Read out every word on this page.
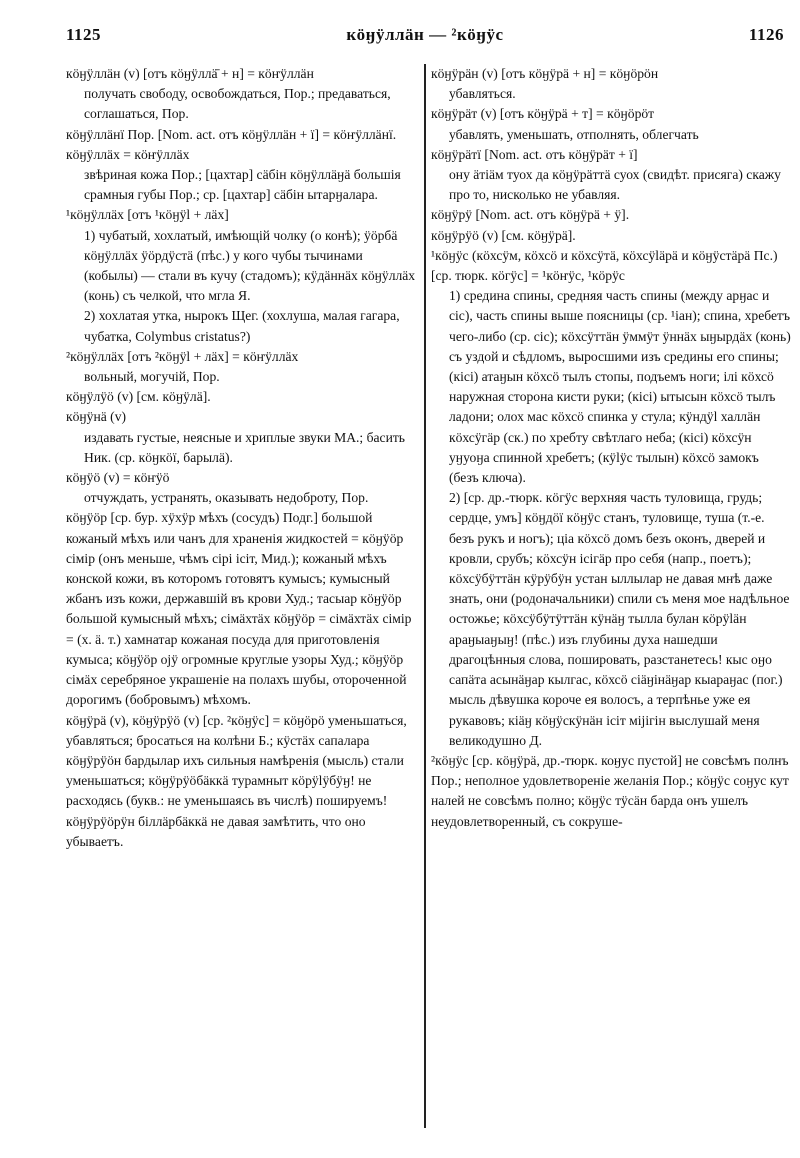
1125	кӧӈӱллӓн — ²кӧӈӱс	1126

кӧӈӱллӓн (v) [отъ кӧӈӱллӓ̄ + н] = кӧҥӱллӓн

получать свободу, освобождаться, Пор.; предаваться, соглашаться, Пор.

кӧӈӱллӓнї Пор. [Nom. act. отъ кӧӈӱллӓн + ї] = кӧҥӱллӓнї.

кӧӈӱллӓх = кӧҥӱллӓх

звѣриная кожа Пор.; [цахтар] сӓбiн кӧӈӱллӓӈӓ большія срамныя губы Пор.; ср. [цахтар] сӓбiн ытарӈалара.

¹кӧӈӱллӓх [отъ ¹кӧӈӱl + лӓх]

1) чубатый, хохлатый, имѣющій чолку (о конѣ); ӱӧрбӓ кӧӈӱллӓх ӱӧрдӱстӓ (пѣс.) у кого чубы тычинами (кобылы) — стали въ кучу (стадомъ); кӱдӓннӓх кӧӈӱллӓх (конь) съ челкой, что мгла Я.

2) хохлатая утка, нырокъ Щег. (хохлуша, малая гагара, чубатка, Colymbus cristatus?)

²кӧӈӱллӓх [отъ ²кӧӈӱl + лӓх] = кӧҥӱллӓх

вольный, могучій, Пор.

кӧӈӱлӱӧ (v) [см. кӧӈӱлӓ].

кӧӈӱнӓ (v)

издавать густые, неясные и хриплые звуки МА.; басить Ник. (ср. кӧӈкӧї, барылӓ).

кӧӈӱӧ (v) = кӧҥӱӧ

отчуждать, устранять, оказывать недоброту, Пор.

кӧӈӱӧр [ср. бур. хӱхӱр мѣхъ (сосудъ) Подг.] большой кожаный мѣхъ или чанъ для храненія жидкостей = кӧӈӱӧр сiмiр (онъ меньше, чѣмъ сiрi iсiт, Мид.); кожаный мѣхъ конской кожи, въ которомъ готовятъ кумысъ; кумысный жбанъ изъ кожи, державшій въ крови Худ.; тасыар кӧӈӱӧр большой кумысный мѣхъ; сiмӓхтӓх кӧӈӱӧр = сiмӓхтӓх сiмiр = (x. ӓ. т.) хамнатар кожаная посуда для приготовленія кумыса; кӧӈӱӧр ојӱ огромные круглые узоры Худ.; кӧӈӱӧр сiмӓх серебряное украшеніе на полахъ шубы, отороченной дорогимъ (бобровымъ) мѣхомъ.

кӧӈӱрӓ (v), кӧӈӱрӱӧ (v) [ср. ²кӧӈӱс] = кӧӈӧрӧ уменьшаться, убавляться; бросаться на колѣни Б.; кӱстӓх сапалара кӧӈӱрӱӧн бардылар ихъ сильныя намѣренія (мысль) стали уменьшаться; кӧӈӱрӱӧбӓккӓ турамныт кӧрӱlӱбӱӈ! не расходясь (букв.: не уменьшаясь въ числѣ) пошируемъ! кӧӈӱрӱӧрӱн бiллӓрбӓккӓ не давая замѣтить, что оно убываетъ.

кӧӈӱрӓн (v) [отъ кӧӈӱрӓ + н] = кӧӈӧрӧн

убавляться.

кӧӈӱрӓт (v) [отъ кӧӈӱрӓ + т] = кӧӈӧрӧт

убавлять, уменьшать, отполнять, облегчать

кӧӈӱрӓтї [Nom. act. отъ кӧӈӱрӓт + ї]

ону ӓтiӓм туох да кӧӈӱрӓттӓ суох (свидѣт. присяга) скажу про то, нисколько не убавляя.

кӧӈӱрӱ [Nom. act. отъ кӧӈӱрӓ + ӱ].

кӧӈӱрӱӧ (v) [см. кӧӈӱрӓ].

¹кӧӈӱс (кӧхсӱм, кӧхсӧ и кӧхсӱтӓ, кӧхсӱlӓрӓ и кӧӈӱстӓрӓ Пс.) [ср. тюрк. кӧгӱс] = ¹кӧҥӱс, ¹кӧрӱс

1) средина спины, средняя часть спины (между арӈас и сiс), часть спины выше поясницы (ср. ¹iан); спина, хребетъ чего-либо (ср. сiс); кӧхсӱттӓн ӱммӱт ӱннӓх ыӈырдӓх (конь) съ уздой и сѣдломъ, выросшими изъ средины его спины; (кiсi) атаӈын кӧхсӧ тылъ стопы, подъемъ ноги; iлi кӧхсӧ наружная сторона кисти руки; (кiсi) ытысын кӧхсӧ тылъ ладони; олох мас кӧхсӧ спинка у стула; кӱндӱl халлӓн кӧхсӱгӓр (ск.) по хребту свѣтлаго неба; (кiсi) кӧхсӱн уӈуоӈа спинной хребетъ; (кӱlӱс тылын) кӧхсӧ замокъ (безъ ключа).

2) [ср. др.-тюрк. кӧгӱс верхняя часть туловища, грудь; сердце, умъ] кӧӈдӧї кӧӈӱс станъ, туловище, туша (т.-е. безъ рукъ и ногъ); цiа кӧхсӧ домъ безъ оконъ, дверей и кровли, срубъ; кӧхсӱн iсiгӓр про себя (напр., поетъ); кӧхсӱбӱттӓн кӱрӱбӱн устан ыллылар не давая мнѣ даже знать, они (родоначальники) спили съ меня мое надѣльное остожье; кӧхсӱбӱтӱттӓн кӱнӓӈ тылла булан кӧрӱlӓн араӈыаӈыӈ! (пѣс.) изъ глубины духа нашедши драгоцѣнныя слова, пошировать, разстанетесь! кыс оӈо сапӓта асынӓӈар кылгас, кӧхсӧ сiӓӈiнӓӈар кыараӈас (пог.) мысль дѣвушка короче ея волосъ, а терпѣнье уже ея рукавовъ; кiӓӈ кӧӈӱскӱнӓн iсiт мiјiгiн выслушай меня великодушно Д.

²кӧӈӱс [ср. кӧӈӱрӓ, др.-тюрк. коӈус пустой] не совсѣмъ полнъ Пор.; неполное удовлетвореніе желанія Пор.; кӧӈӱс соӈус кут налей не совсѣмъ полно; кӧӈӱс тӱсӓн барда онъ ушелъ неудовлетворенный, съ сокруше-
